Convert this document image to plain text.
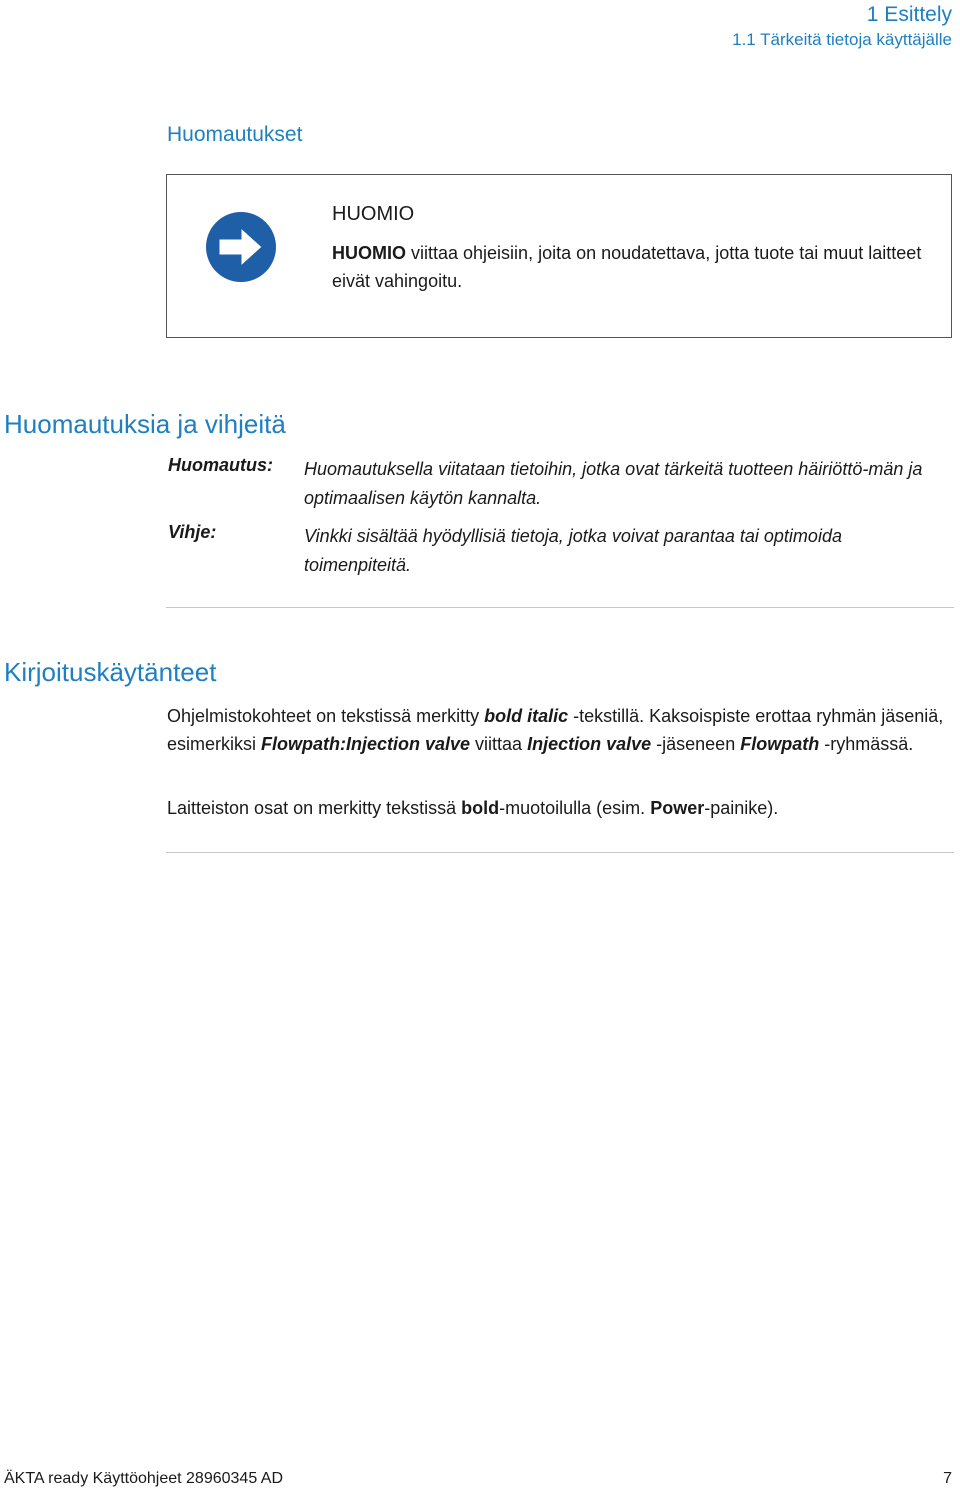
1 Esittely
1.1 Tärkeitä tietoja käyttäjälle
Huomautukset
HUOMIO
HUOMIO viittaa ohjeisiin, joita on noudatettava, jotta tuote tai muut laitteet eivät vahingoitu.
Huomautuksia ja vihjeitä
Huomautus: Huomautuksella viitataan tietoihin, jotka ovat tärkeitä tuotteen häiriöttö-män ja optimaalisen käytön kannalta.
Vihje:	Vinkki sisältää hyödyllisiä tietoja, jotka voivat parantaa tai optimoida toimenpiteitä.
Kirjoituskäytänteet
Ohjelmistokohteet on tekstissä merkitty bold italic -tekstillä. Kaksoispiste erottaa ryhmän jäseniä, esimerkiksi Flowpath:Injection valve viittaa Injection valve -jäseneen Flowpath -ryhmässä.
Laitteiston osat on merkitty tekstissä bold-muotoilulla (esim. Power-painike).
ÄKTA ready Käyttöohjeet 28960345 AD	7
